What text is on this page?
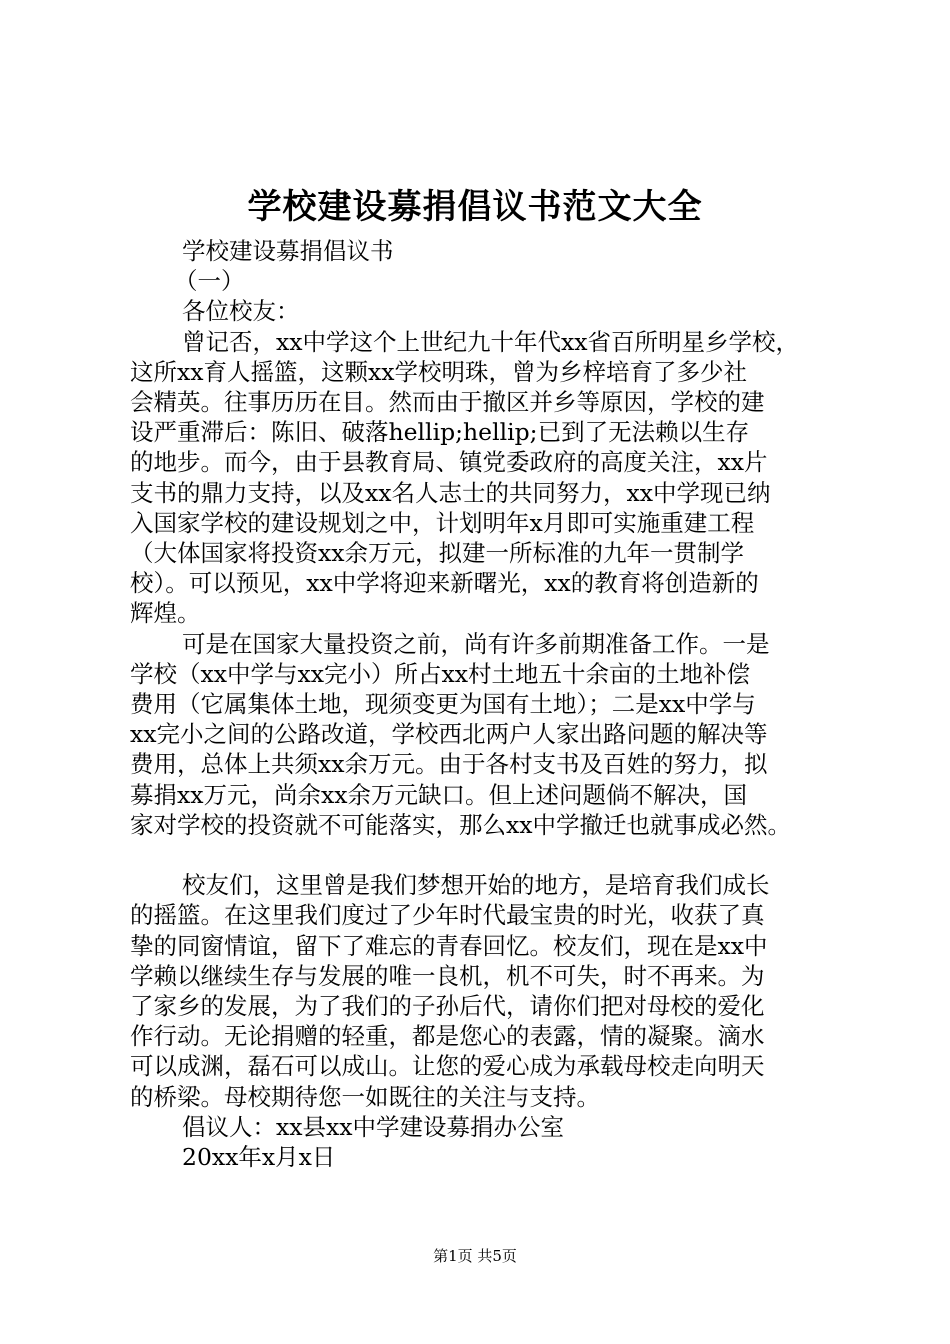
学校建设募捐倡议书范文大全
学校建设募捐倡议书
（一）
各位校友：
曾记否，xx中学这个上世纪九十年代xx省百所明星乡学校，
这所xx育人摇篮，这颗xx学校明珠，曾为乡梓培育了多少社
会精英。往事历历在目。然而由于撤区并乡等原因，学校的建
设严重滞后：陈旧、破落hellip;hellip;已到了无法赖以生存
的地步。而今，由于县教育局、镇党委政府的高度关注，xx片
支书的鼎力支持，以及xx名人志士的共同努力，xx中学现已纳
入国家学校的建设规划之中，计划明年x月即可实施重建工程
（大体国家将投资xx余万元，拟建一所标准的九年一贯制学
校）。可以预见，xx中学将迎来新曙光，xx的教育将创造新的
辉煌。
可是在国家大量投资之前，尚有许多前期准备工作。一是
学校（xx中学与xx完小）所占xx村土地五十余亩的土地补偿
费用（它属集体土地，现须变更为国有土地）；二是xx中学与
xx完小之间的公路改道，学校西北两户人家出路问题的解决等
费用，总体上共须xx余万元。由于各村支书及百姓的努力，拟
募捐xx万元，尚余xx余万元缺口。但上述问题倘不解决，国
家对学校的投资就不可能落实，那么xx中学撤迁也就事成必然。
校友们，这里曾是我们梦想开始的地方，是培育我们成长
的摇篮。在这里我们度过了少年时代最宝贵的时光，收获了真
挚的同窗情谊，留下了难忘的青春回忆。校友们，现在是xx中
学赖以继续生存与发展的唯一良机，机不可失，时不再来。为
了家乡的发展，为了我们的子孙后代，请你们把对母校的爱化
作行动。无论捐赠的轻重，都是您心的表露，情的凝聚。滴水
可以成渊，磊石可以成山。让您的爱心成为承载母校走向明天
的桥梁。母校期待您一如既往的关注与支持。
倡议人：xx县xx中学建设募捐办公室
20xx年x月x日
第1页 共5页
